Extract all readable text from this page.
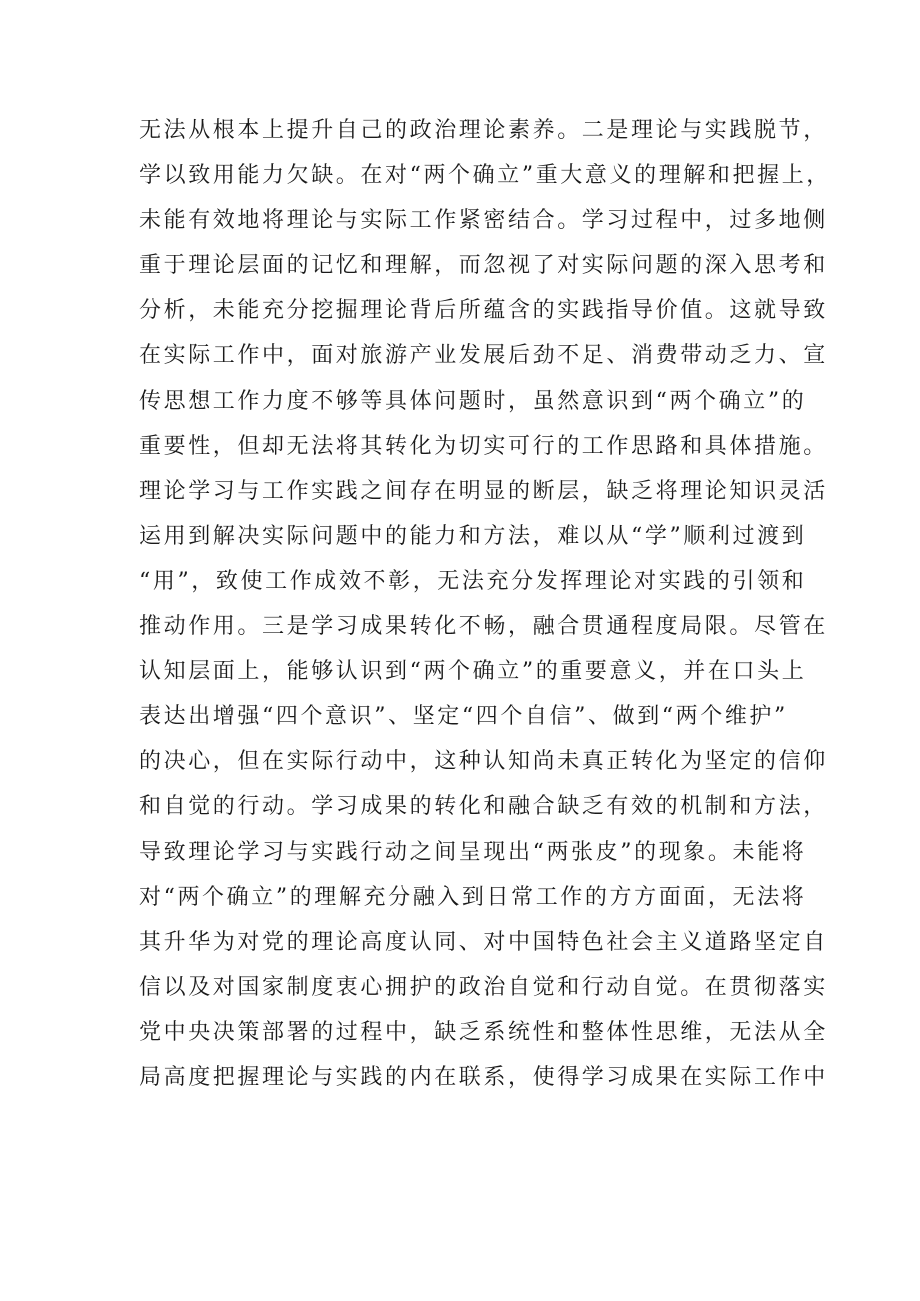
无法从根本上提升自己的政治理论素养。二是理论与实践脱节，
学以致用能力欠缺。在对“两个确立”重大意义的理解和把握上，
未能有效地将理论与实际工作紧密结合。学习过程中，过多地侧
重于理论层面的记忆和理解，而忽视了对实际问题的深入思考和
分析，未能充分挖掘理论背后所蕴含的实践指导价值。这就导致
在实际工作中，面对旅游产业发展后劲不足、消费带动乏力、宣
传思想工作力度不够等具体问题时，虽然意识到“两个确立”的
重要性，但却无法将其转化为切实可行的工作思路和具体措施。
理论学习与工作实践之间存在明显的断层，缺乏将理论知识灵活
运用到解决实际问题中的能力和方法，难以从“学”顺利过渡到
“用”，致使工作成效不彰，无法充分发挥理论对实践的引领和
推动作用。三是学习成果转化不畅，融合贯通程度局限。尽管在
认知层面上，能够认识到“两个确立”的重要意义，并在口头上
表达出增强“四个意识”、坚定“四个自信”、做到“两个维护”
的决心，但在实际行动中，这种认知尚未真正转化为坚定的信仰
和自觉的行动。学习成果的转化和融合缺乏有效的机制和方法，
导致理论学习与实践行动之间呈现出“两张皮”的现象。未能将
对“两个确立”的理解充分融入到日常工作的方方面面，无法将
其升华为对党的理论高度认同、对中国特色社会主义道路坚定自
信以及对国家制度衷心拥护的政治自觉和行动自觉。在贯彻落实
党中央决策部署的过程中，缺乏系统性和整体性思维，无法从全
局高度把握理论与实践的内在联系，使得学习成果在实际工作中
